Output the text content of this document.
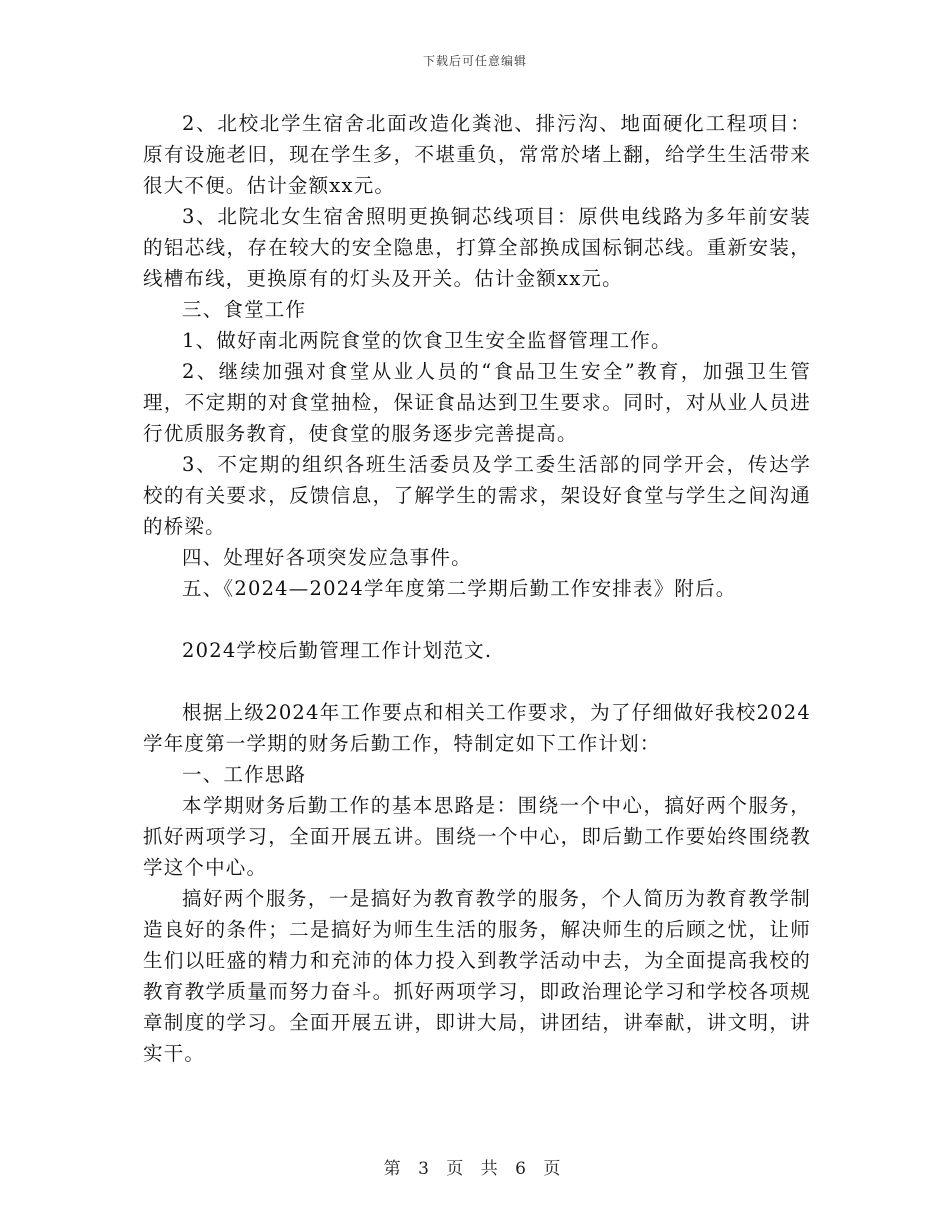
下载后可任意编辑

2、北校北学生宿舍北面改造化粪池、排污沟、地面硬化工程项目：原有设施老旧，现在学生多，不堪重负，常常於堵上翻，给学生生活带来很大不便。估计金额xx元。

3、北院北女生宿舍照明更换铜芯线项目：原供电线路为多年前安装的铝芯线，存在较大的安全隐患，打算全部换成国标铜芯线。重新安装，线槽布线，更换原有的灯头及开关。估计金额xx元。

三、食堂工作

1、做好南北两院食堂的饮食卫生安全监督管理工作。

2、继续加强对食堂从业人员的“食品卫生安全”教育，加强卫生管理，不定期的对食堂抽检，保证食品达到卫生要求。同时，对从业人员进行优质服务教育，使食堂的服务逐步完善提高。

3、不定期的组织各班生活委员及学工委生活部的同学开会，传达学校的有关要求，反馈信息，了解学生的需求，架设好食堂与学生之间沟通的桥梁。

四、处理好各项突发应急事件。

五、《2024—2024学年度第二学期后勤工作安排表》附后。

2024学校后勤管理工作计划范文.

根据上级2024年工作要点和相关工作要求，为了仔细做好我校2024学年度第一学期的财务后勤工作，特制定如下工作计划：

一、工作思路

本学期财务后勤工作的基本思路是：围绕一个中心，搞好两个服务，抓好两项学习，全面开展五讲。围绕一个中心，即后勤工作要始终围绕教学这个中心。

搞好两个服务，一是搞好为教育教学的服务，个人简历为教育教学制造良好的条件；二是搞好为师生生活的服务，解决师生的后顾之忧，让师生们以旺盛的精力和充沛的体力投入到教学活动中去，为全面提高我校的教育教学质量而努力奋斗。抓好两项学习，即政治理论学习和学校各项规章制度的学习。全面开展五讲，即讲大局，讲团结，讲奉献，讲文明，讲实干。

第 3 页 共 6 页
